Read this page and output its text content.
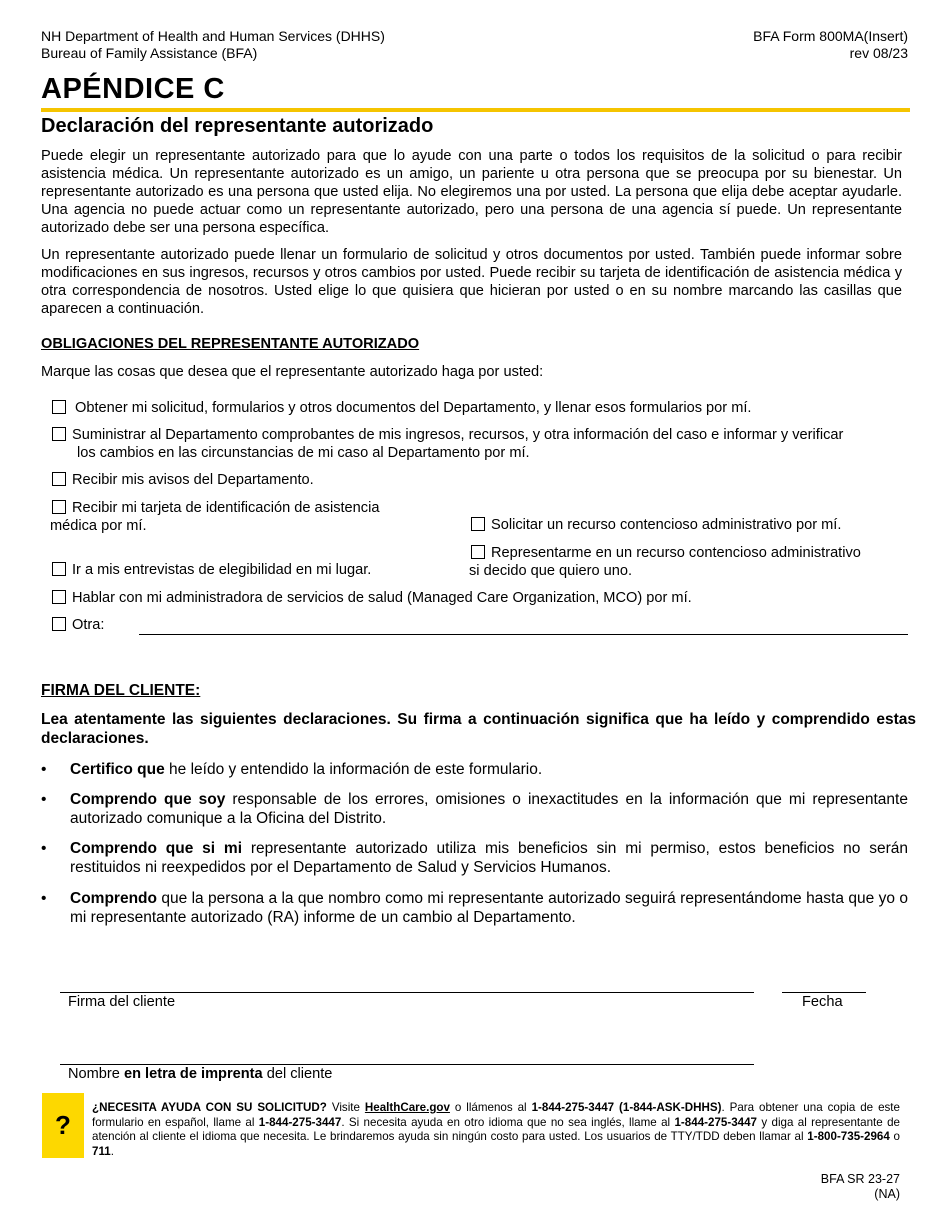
NH Department of Health and Human Services (DHHS)
Bureau of Family Assistance (BFA)
BFA Form 800MA(Insert)
rev 08/23
APÉNDICE C
Declaración del representante autorizado
Puede elegir un representante autorizado para que lo ayude con una parte o todos los requisitos de la solicitud o para recibir asistencia médica. Un representante autorizado es un amigo, un pariente u otra persona que se preocupa por su bienestar. Un representante autorizado es una persona que usted elija. No elegiremos una por usted. La persona que elija debe aceptar ayudarle. Una agencia no puede actuar como un representante autorizado, pero una persona de una agencia sí puede. Un representante autorizado debe ser una persona específica.
Un representante autorizado puede llenar un formulario de solicitud y otros documentos por usted. También puede informar sobre modificaciones en sus ingresos, recursos y otros cambios por usted. Puede recibir su tarjeta de identificación de asistencia médica y otra correspondencia de nosotros. Usted elige lo que quisiera que hicieran por usted o en su nombre marcando las casillas que aparecen a continuación.
OBLIGACIONES DEL REPRESENTANTE AUTORIZADO
Marque las cosas que desea que el representante autorizado haga por usted:
Obtener mi solicitud, formularios y otros documentos del Departamento, y llenar esos formularios por mí.
Suministrar al Departamento comprobantes de mis ingresos, recursos, y otra información del caso e informar y verificar
los cambios en las circunstancias de mi caso al Departamento por mí.
Recibir mis avisos del Departamento.
Recibir mi tarjeta de identificación de asistencia
médica por mí.	Solicitar un recurso contencioso administrativo por mí.
Representarme en un recurso contencioso administrativo
si decido que quiero uno.
Ir a mis entrevistas de elegibilidad en mi lugar.
Hablar con mi administradora de servicios de salud (Managed Care Organization, MCO) por mí.
Otra:
FIRMA DEL CLIENTE:
Lea atentamente las siguientes declaraciones. Su firma a continuación significa que ha leído y comprendido estas declaraciones.
• Certifico que he leído y entendido la información de este formulario.
• Comprendo que soy responsable de los errores, omisiones o inexactitudes en la información que mi representante autorizado comunique a la Oficina del Distrito.
• Comprendo que si mi representante autorizado utiliza mis beneficios sin mi permiso, estos beneficios no serán restituidos ni reexpedidos por el Departamento de Salud y Servicios Humanos.
• Comprendo que la persona a la que nombro como mi representante autorizado seguirá representándome hasta que yo o mi representante autorizado (RA) informe de un cambio al Departamento.
Firma del cliente	Fecha
Nombre en letra de imprenta del cliente
?
¿NECESITA AYUDA CON SU SOLICITUD? Visite HealthCare.gov o llámenos al 1-844-275-3447 (1-844-ASK-DHHS). Para obtener una copia de este formulario en español, llame al 1-844-275-3447. Si necesita ayuda en otro idioma que no sea inglés, llame al 1-844-275-3447 y diga al representante de atención al cliente el idioma que necesita. Le brindaremos ayuda sin ningún costo para usted. Los usuarios de TTY/TDD deben llamar al 1-800-735-2964 o 711.
BFA SR 23-27
(NA)
